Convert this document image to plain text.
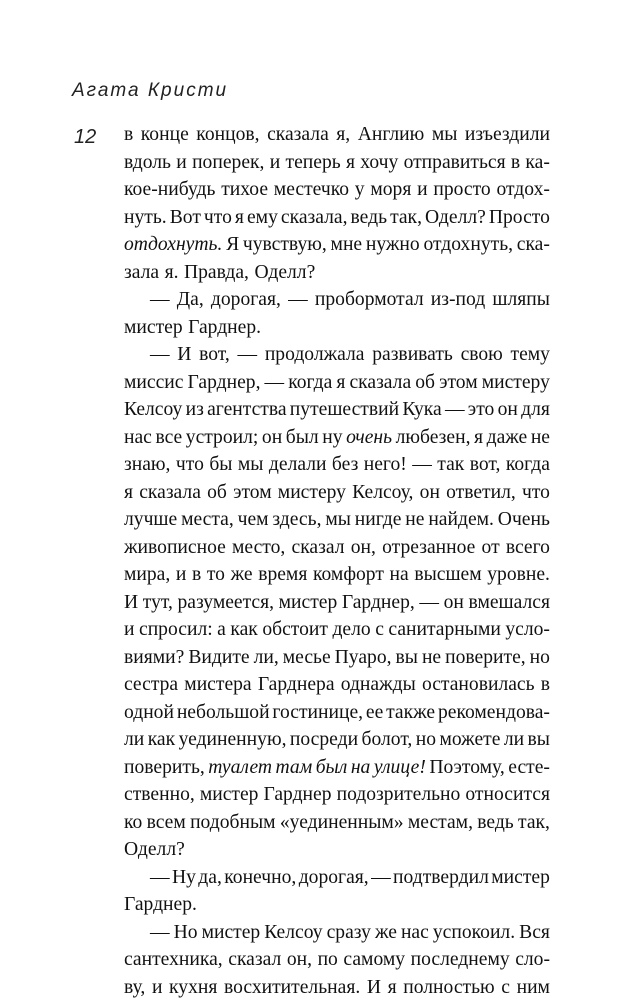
Агата Кристи
12 в конце концов, сказала я, Англию мы изъездили
вдоль и поперек, и теперь я хочу отправиться в ка-
кое-нибудь тихое местечко у моря и просто отдох-
нуть. Вот что я ему сказала, ведь так, Оделл? Просто
отдохнуть. Я чувствую, мне нужно отдохнуть, ска-
зала я. Правда, Оделл?
— Да, дорогая, — пробормотал из-под шляпы
мистер Гарднер.
— И вот, — продолжала развивать свою тему
миссис Гарднер, — когда я сказала об этом мистеру
Келсоу из агентства путешествий Кука — это он для
нас все устроил; он был ну очень любезен, я даже не
знаю, что бы мы делали без него! — так вот, когда
я сказала об этом мистеру Келсоу, он ответил, что
лучше места, чем здесь, мы нигде не найдем. Очень
живописное место, сказал он, отрезанное от всего
мира, и в то же время комфорт на высшем уровне.
И тут, разумеется, мистер Гарднер, — он вмешался
и спросил: а как обстоит дело с санитарными усло-
виями? Видите ли, месье Пуаро, вы не поверите, но
сестра мистера Гарднера однажды остановилась в
одной небольшой гостинице, ее также рекомендова-
ли как уединенную, посреди болот, но можете ли вы
поверить, туалет там был на улице! Поэтому, есте-
ственно, мистер Гарднер подозрительно относится
ко всем подобным «уединенным» местам, ведь так,
Оделл?
— Ну да, конечно, дорогая, — подтвердил мистер
Гарднер.
— Но мистер Келсоу сразу же нас успокоил. Вся
сантехника, сказал он, по самому последнему сло-
ву, и кухня восхитительная. И я полностью с ним
